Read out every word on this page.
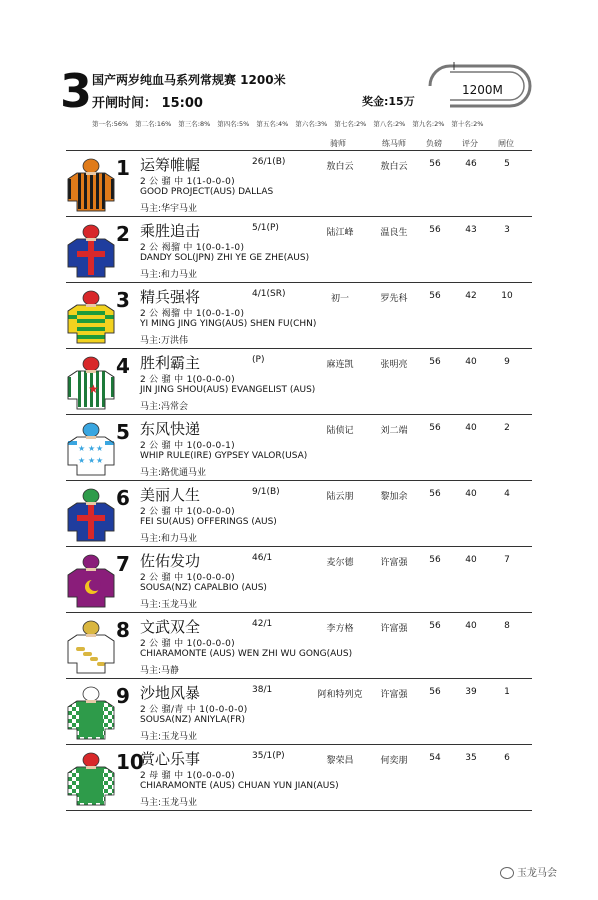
3 国产两岁纯血马系列常规赛 1200米
开闸时间： 15:00	奖金:15万
1200M
第一名:56% 第二名:16% 第三名:8% 第四名:5% 第五名:4% 第六名:3% 第七名:2% 第八名:2% 第九名:2% 第十名:2%
骑师	练马师	负磅	评分	闸位
1 运筹帷幄	26/1(B)
2 公 骝 中 1(1-0-0-0)
GOOD PROJECT(AUS) DALLAS
马主:华宇马业
敖白云	敖白云	56	46	5
2 乘胜追击	5/1(P)
2 公 褐骝 中 1(0-0-1-0)
DANDY SOL(JPN) ZHI YE GE ZHE(AUS)
马主:和力马业
陆江峰	温良生	56	43	3
3 精兵强将	4/1(SR)
2 公 褐骝 中 1(0-0-1-0)
YI MING JING YING(AUS) SHEN FU(CHN)
马主:万洪伟
初一	罗先科	56	42	10
★
4 胜利霸主	(P)
2 公 骝 中 1(0-0-0-0)
JIN JING SHOU(AUS) EVANGELIST (AUS)
马主:冯常会
麻连凯	张明亮	56	40	9
★ ★ ★
★ ★ ★
5 东风快递
2 公 骝 中 1(0-0-0-1)
WHIP RULE(IRE) GYPSEY VALOR(USA)
马主:路优通马业
陆侦记	刘二端	56	40	2
6 美丽人生	9/1(B)
2 公 骝 中 1(0-0-0-0)
FEI SU(AUS) OFFERINGS (AUS)
马主:和力马业
陆云朋	黎加余	56	40	4
7 佐佑发功	46/1
2 公 骝 中 1(0-0-0-0)
SOUSA(NZ) CAPALBIO (AUS)
马主:玉龙马业
麦尔德	许富强	56	40	7
8 文武双全	42/1
2 公 骝 中 1(0-0-0-0)
CHIARAMONTE (AUS) WEN ZHI WU GONG(AUS)
马主:马静
李方格	许富强	56	40	8
9 沙地风暴	38/1
2 公 骝/青 中 1(0-0-0-0)
SOUSA(NZ) ANIYLA(FR)
马主:玉龙马业
阿和特列克	许富强	56	39	1
10
赏心乐事	35/1(P)
2 母 骝 中 1(0-0-0-0)
CHIARAMONTE (AUS) CHUAN YUN JIAN(AUS)
马主:玉龙马业
黎荣昌	何奕朋	54	35	6
玉龙马会
